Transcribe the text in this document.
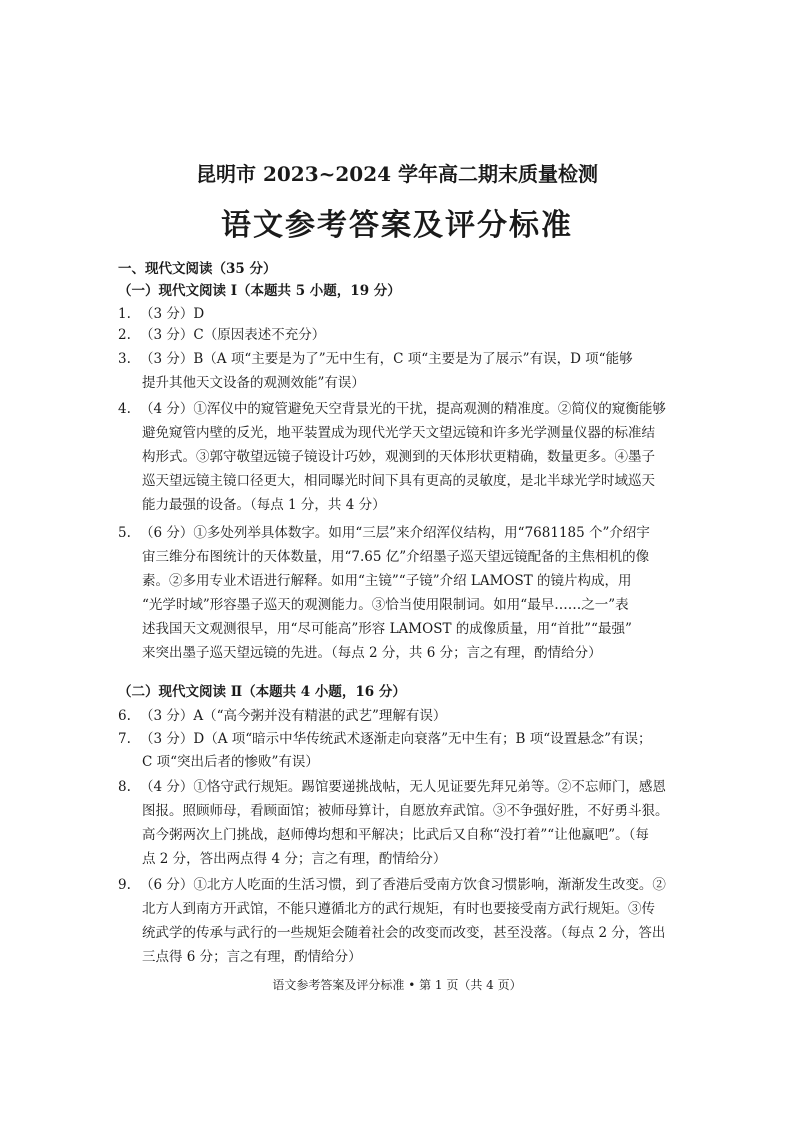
昆明市 2023~2024 学年高二期末质量检测
语文参考答案及评分标准
一、现代文阅读（35 分）
（一）现代文阅读 Ⅰ（本题共 5 小题，19 分）
1. （3 分）D
2. （3 分）C（原因表述不充分）
3. （3 分）B（A 项“主要是为了”无中生有，C 项“主要是为了展示”有误，D 项“能够
提升其他天文设备的观测效能”有误）
4. （4 分）①浑仪中的窥管避免天空背景光的干扰，提高观测的精准度。②简仪的窥衡能够
避免窥管内壁的反光，地平装置成为现代光学天文望远镜和许多光学测量仪器的标准结
构形式。③郭守敬望远镜子镜设计巧妙，观测到的天体形状更精确，数量更多。④墨子
巡天望远镜主镜口径更大，相同曝光时间下具有更高的灵敏度，是北半球光学时域巡天
能力最强的设备。（每点 1 分，共 4 分）
5. （6 分）①多处列举具体数字。如用“三层”来介绍浑仪结构，用“7681185 个”介绍宇
宙三维分布图统计的天体数量，用“7.65 亿”介绍墨子巡天望远镜配备的主焦相机的像
素。②多用专业术语进行解释。如用“主镜”“子镜”介绍 LAMOST 的镜片构成，用
“光学时域”形容墨子巡天的观测能力。③恰当使用限制词。如用“最早……之一”表
述我国天文观测很早，用“尽可能高”形容 LAMOST 的成像质量，用“首批”“最强”
来突出墨子巡天望远镜的先进。（每点 2 分，共 6 分；言之有理，酌情给分）
（二）现代文阅读 Ⅱ（本题共 4 小题，16 分）
6. （3 分）A（“高今粥并没有精湛的武艺”理解有误）
7. （3 分）D（A 项“暗示中华传统武术逐渐走向衰落”无中生有；B 项“设置悬念”有误；
C 项“突出后者的惨败”有误）
8. （4 分）①恪守武行规矩。踢馆要递挑战帖，无人见证要先拜兄弟等。②不忘师门，感恩
图报。照顾师母，看顾面馆；被师母算计，自愿放弃武馆。③不争强好胜，不好勇斗狠。
高今粥两次上门挑战，赵师傅均想和平解决；比武后又自称“没打着”“让他赢吧”。（每
点 2 分，答出两点得 4 分；言之有理，酌情给分）
9. （6 分）①北方人吃面的生活习惯，到了香港后受南方饮食习惯影响，渐渐发生改变。②
北方人到南方开武馆，不能只遵循北方的武行规矩，有时也要接受南方武行规矩。③传
统武学的传承与武行的一些规矩会随着社会的改变而改变，甚至没落。（每点 2 分，答出
三点得 6 分；言之有理，酌情给分）
语文参考答案及评分标准 • 第 1 页（共 4 页）
